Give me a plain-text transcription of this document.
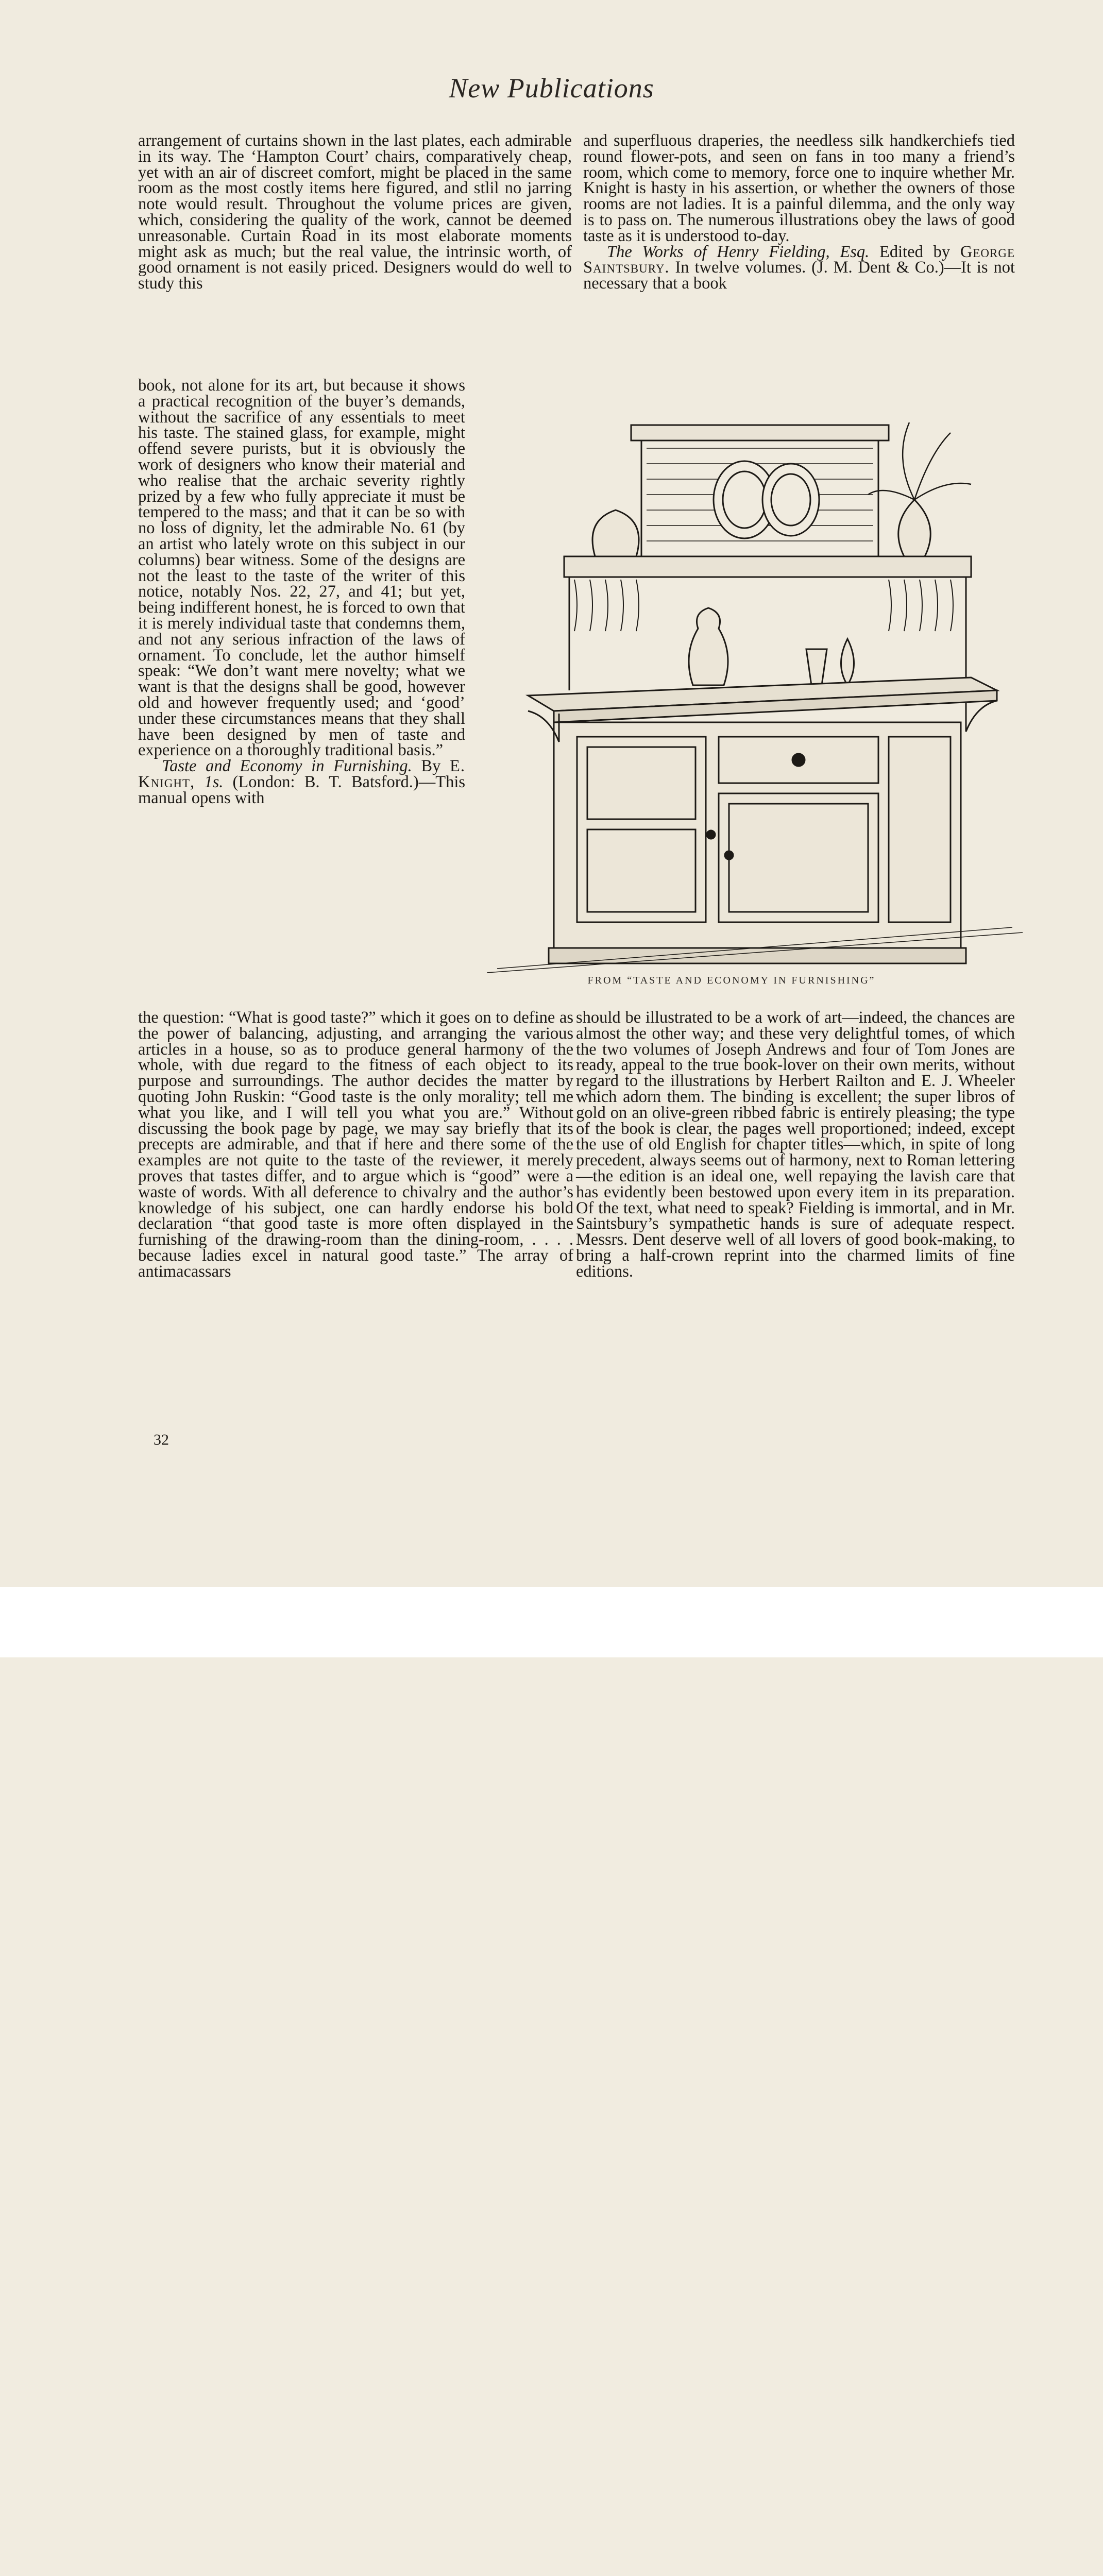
New Publications

arrangement of curtains shown in the last plates, each admirable in its way. The ‘Hampton Court’ chairs, comparatively cheap, yet with an air of discreet comfort, might be placed in the same room as the most costly items here figured, and stlil no jarring note would result. Throughout the volume prices are given, which, considering the quality of the work, cannot be deemed unreasonable. Curtain Road in its most elaborate moments might ask as much; but the real value, the intrinsic worth, of good ornament is not easily priced. Designers would do well to study this

book, not alone for its art, but because it shows a practical recognition of the buyer’s demands, without the sacrifice of any essentials to meet his taste. The stained glass, for example, might offend severe purists, but it is obviously the work of designers who know their material and who realise that the archaic severity rightly prized by a few who fully appreciate it must be tempered to the mass; and that it can be so with no loss of dignity, let the admirable No. 61 (by an artist who lately wrote on this subject in our columns) bear witness. Some of the designs are not the least to the taste of the writer of this notice, notably Nos. 22, 27, and 41; but yet, being indifferent honest, he is forced to own that it is merely individual taste that condemns them, and not any serious infraction of the laws of ornament. To conclude, let the author himself speak: “We don’t want mere novelty; what we want is that the designs shall be good, however old and however frequently used; and ‘good’ under these circumstances means that they shall have been designed by men of taste and experience on a thoroughly traditional basis.”

Taste and Economy in Furnishing. By E. Knight, 1s. (London: B. T. Batsford.)—This manual opens with

the question: “What is good taste?” which it goes on to define as the power of balancing, adjusting, and arranging the various articles in a house, so as to produce general harmony of the whole, with due regard to the fitness of each object to its purpose and surroundings. The author decides the matter by quoting John Ruskin: “Good taste is the only morality; tell me what you like, and I will tell you what you are.” Without discussing the book page by page, we may say briefly that its precepts are admirable, and that if here and there some of the examples are not quite to the taste of the reviewer, it merely proves that tastes differ, and to argue which is “good” were a waste of words. With all deference to chivalry and the author’s knowledge of his subject, one can hardly endorse his bold declaration “that good taste is more often displayed in the furnishing of the drawing-room than the dining-room, . . . . because ladies excel in natural good taste.” The array of antimacassars

and superfluous draperies, the needless silk handkerchiefs tied round flower-pots, and seen on fans in too many a friend’s room, which come to memory, force one to inquire whether Mr. Knight is hasty in his assertion, or whether the owners of those rooms are not ladies. It is a painful dilemma, and the only way is to pass on. The numerous illustrations obey the laws of good taste as it is understood to-day.

The Works of Henry Fielding, Esq. Edited by George Saintsbury. In twelve volumes. (J. M. Dent & Co.)—It is not necessary that a book

FROM “TASTE AND ECONOMY IN FURNISHING”

should be illustrated to be a work of art—indeed, the chances are almost the other way; and these very delightful tomes, of which the two volumes of Joseph Andrews and four of Tom Jones are ready, appeal to the true book-lover on their own merits, without regard to the illustrations by Herbert Railton and E. J. Wheeler which adorn them. The binding is excellent; the super libros of gold on an olive-green ribbed fabric is entirely pleasing; the type of the book is clear, the pages well proportioned; indeed, except the use of old English for chapter titles—which, in spite of long precedent, always seems out of harmony, next to Roman lettering—the edition is an ideal one, well repaying the lavish care that has evidently been bestowed upon every item in its preparation. Of the text, what need to speak? Fielding is immortal, and in Mr. Saintsbury’s sympathetic hands is sure of adequate respect. Messrs. Dent deserve well of all lovers of good book-making, to bring a half-crown reprint into the charmed limits of fine editions.

32
